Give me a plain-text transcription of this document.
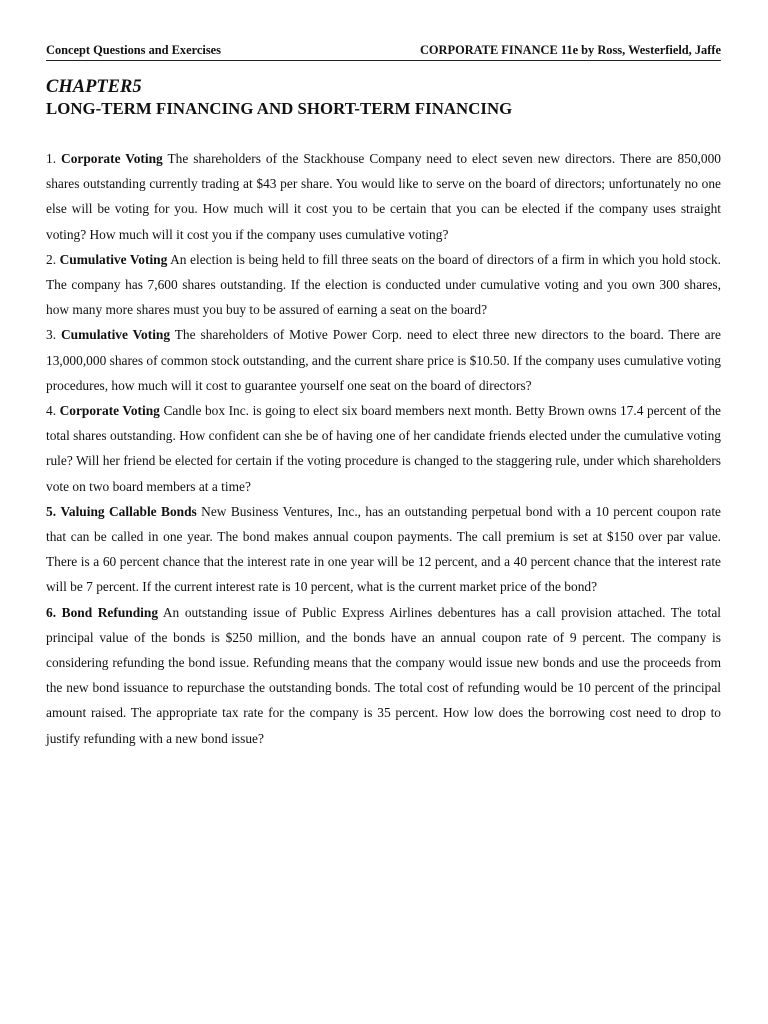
Concept Questions and Exercises	CORPORATE FINANCE 11e by Ross, Westerfield, Jaffe
CHAPTER5
LONG-TERM FINANCING AND SHORT-TERM FINANCING

1. Corporate Voting The shareholders of the Stackhouse Company need to elect seven new directors. There are 850,000 shares outstanding currently trading at $43 per share. You would like to serve on the board of directors; unfortunately no one else will be voting for you. How much will it cost you to be certain that you can be elected if the company uses straight voting? How much will it cost you if the company uses cumulative voting?

2. Cumulative Voting An election is being held to fill three seats on the board of directors of a firm in which you hold stock. The company has 7,600 shares outstanding. If the election is conducted under cumulative voting and you own 300 shares, how many more shares must you buy to be assured of earning a seat on the board?

3. Cumulative Voting The shareholders of Motive Power Corp. need to elect three new directors to the board. There are 13,000,000 shares of common stock outstanding, and the current share price is $10.50. If the company uses cumulative voting procedures, how much will it cost to guarantee yourself one seat on the board of directors?

4. Corporate Voting Candle box Inc. is going to elect six board members next month. Betty Brown owns 17.4 percent of the total shares outstanding. How confident can she be of having one of her candidate friends elected under the cumulative voting rule? Will her friend be elected for certain if the voting procedure is changed to the staggering rule, under which shareholders vote on two board members at a time?

5. Valuing Callable Bonds New Business Ventures, Inc., has an outstanding perpetual bond with a 10 percent coupon rate that can be called in one year. The bond makes annual coupon payments. The call premium is set at $150 over par value. There is a 60 percent chance that the interest rate in one year will be 12 percent, and a 40 percent chance that the interest rate will be 7 percent. If the current interest rate is 10 percent, what is the current market price of the bond?

6. Bond Refunding An outstanding issue of Public Express Airlines debentures has a call provision attached. The total principal value of the bonds is $250 million, and the bonds have an annual coupon rate of 9 percent. The company is considering refunding the bond issue. Refunding means that the company would issue new bonds and use the proceeds from the new bond issuance to repurchase the outstanding bonds. The total cost of refunding would be 10 percent of the principal amount raised. The appropriate tax rate for the company is 35 percent. How low does the borrowing cost need to drop to justify refunding with a new bond issue?
